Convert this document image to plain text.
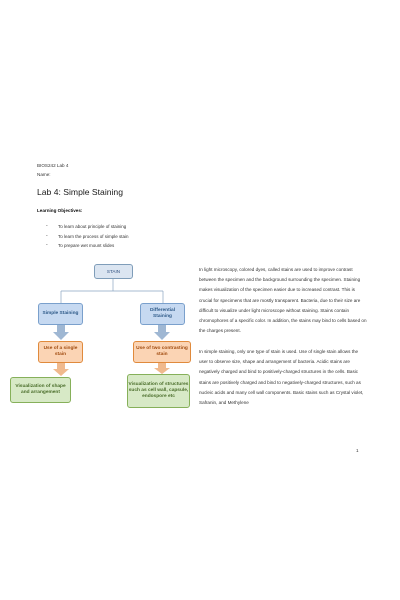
BIOS242 Lab 4
Name:
Lab 4: Simple Staining
Learning Objectives:
- To learn about principle of staining
- To learn the process of simple stain
- To prepare wet mount slides
STAIN
Simple Staining
Differential Staining
Use of a single stain
Use of two contrasting stain
Visualization of shape and arrangement
Visualization of structures such as cell wall, capsule, endospore etc

In light microscopy, colored dyes, called stains are used to improve contrast between the specimen and the background surrounding the specimen. Staining makes visualization of the specimen easier due to increased contrast. This is crucial for specimens that are mostly transparent. Bacteria, due to their size are difficult to visualize under light microscope without staining. Stains contain chromophores of a specific color. In addition, the stains may bind to cells based on the charges present.

In simple staining, only one type of stain is used. Use of single stain allows the user to observe size, shape and arrangement of bacteria. Acidic stains are negatively charged and bind to positively-charged structures in the cells. Basic stains are positively charged and bind to negatively-charged structures, such as nucleic acids and many cell wall components. Basic stains such as Crystal violet, Safranin, and Methylene

1
